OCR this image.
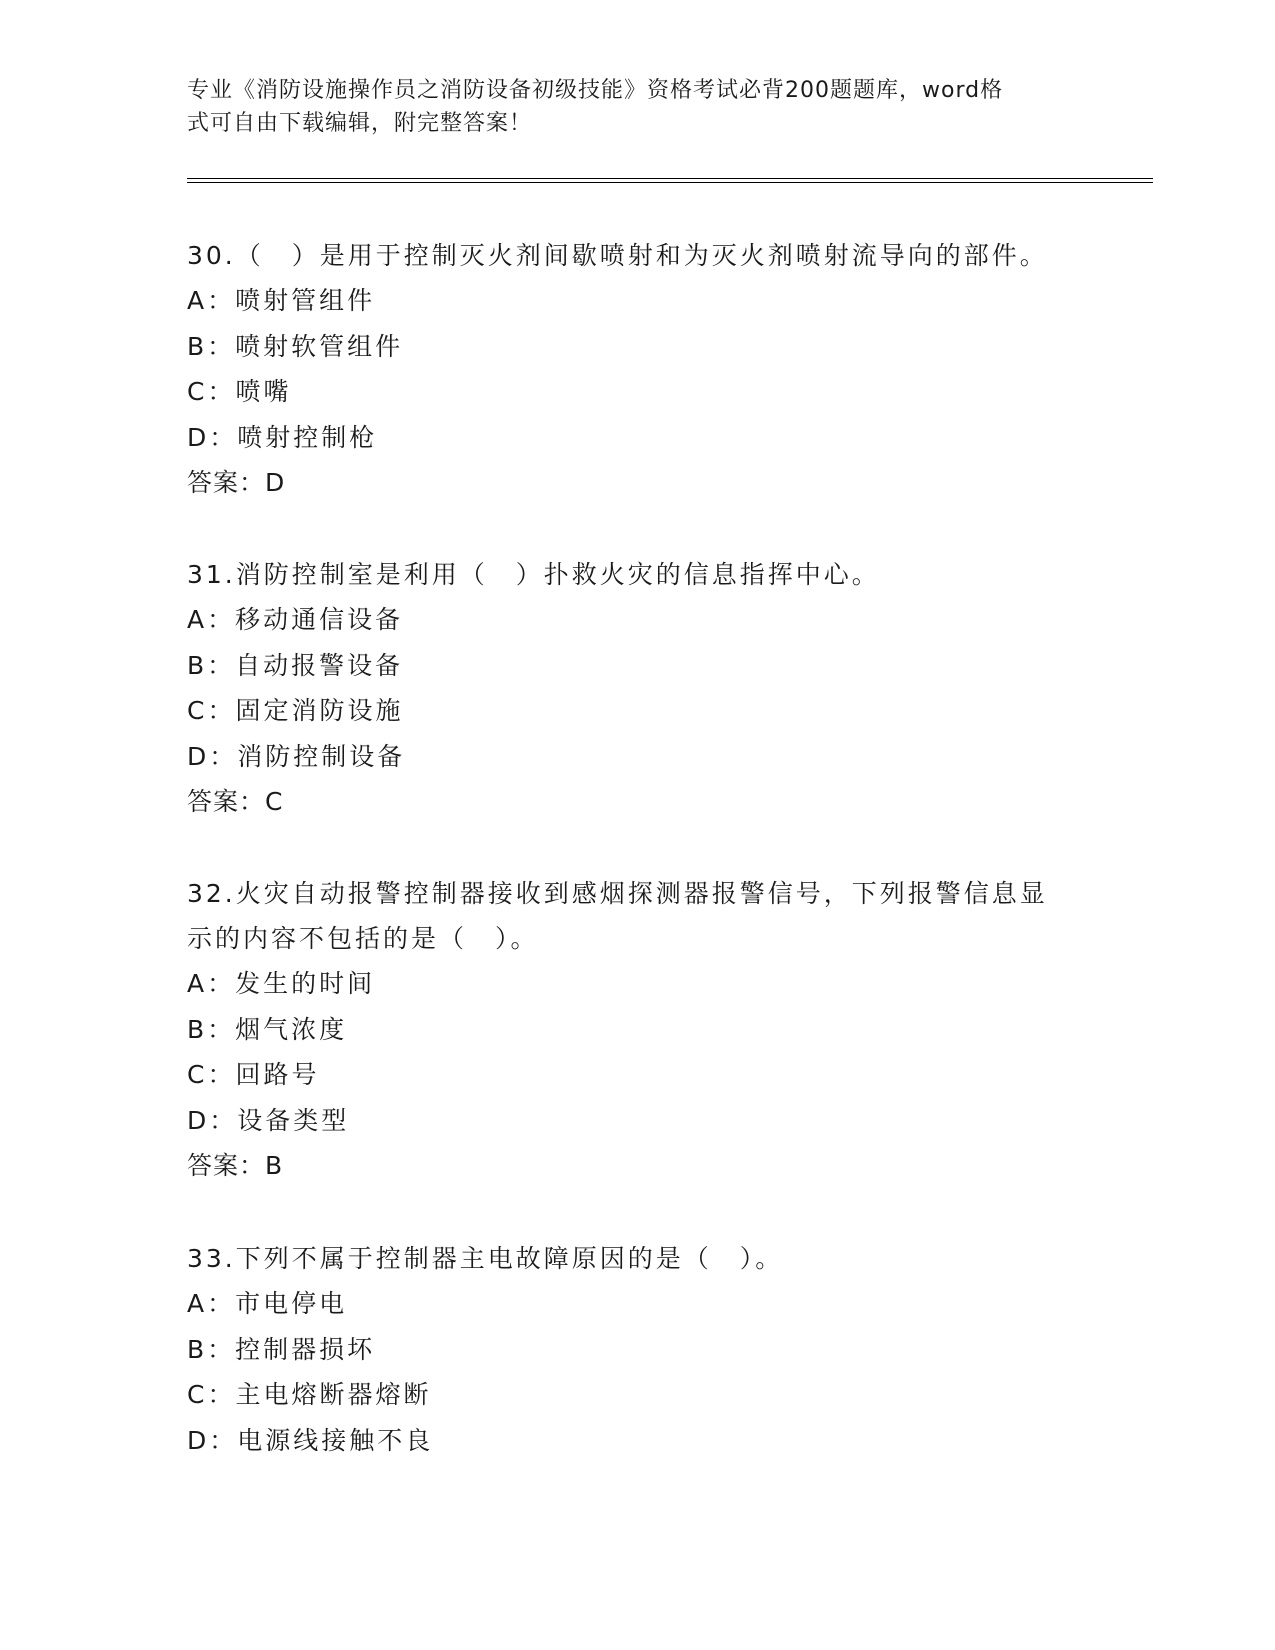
专业《消防设施操作员之消防设备初级技能》资格考试必背200题题库，word格
式可自由下载编辑，附完整答案！

30.（　）是用于控制灭火剂间歇喷射和为灭火剂喷射流导向的部件。

A：喷射管组件

B：喷射软管组件

C：喷嘴

D：喷射控制枪

答案：D

31.消防控制室是利用（　）扑救火灾的信息指挥中心。

A：移动通信设备

B：自动报警设备

C：固定消防设施

D：消防控制设备

答案：C

32.火灾自动报警控制器接收到感烟探测器报警信号，下列报警信息显

示的内容不包括的是（　）。

A：发生的时间

B：烟气浓度

C：回路号

D：设备类型

答案：B

33.下列不属于控制器主电故障原因的是（　）。

A：市电停电

B：控制器损坏

C：主电熔断器熔断

D：电源线接触不良
